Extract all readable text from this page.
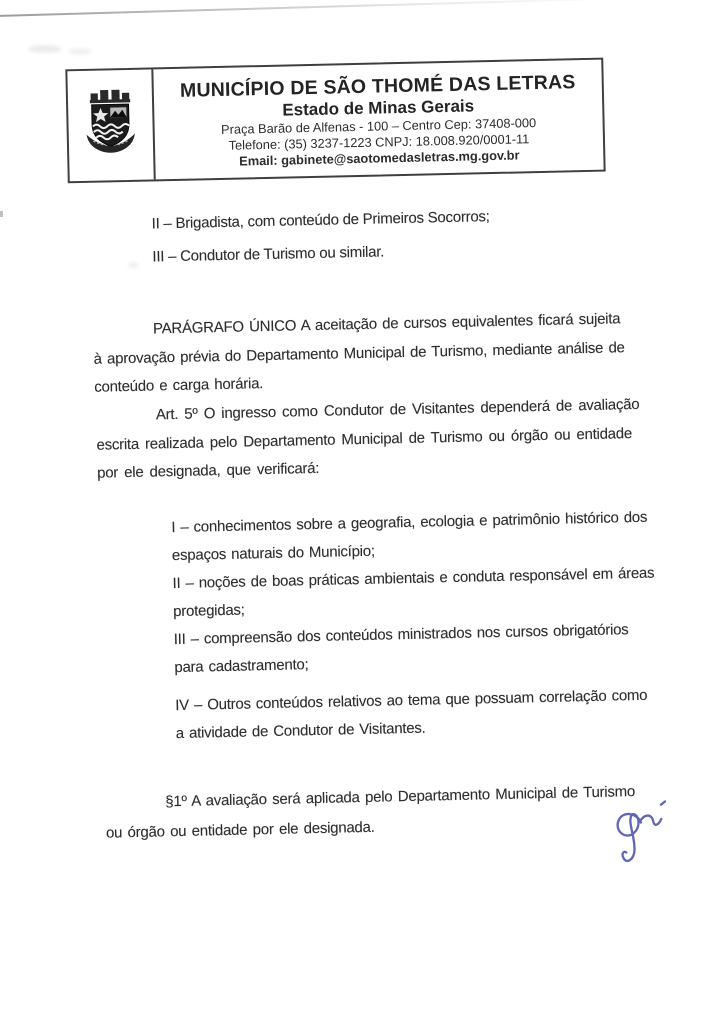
MUNICÍPIO DE SÃO THOMÉ DAS LETRAS
Estado de Minas Gerais
Praça Barão de Alfenas - 100 – Centro Cep: 37408-000
Telefone: (35) 3237-1223 CNPJ: 18.008.920/0001-11
Email: gabinete@saotomedasletras.mg.gov.br
II – Brigadista, com conteúdo de Primeiros Socorros;
III – Condutor de Turismo ou similar.
PARÁGRAFO ÚNICO A aceitação de cursos equivalentes ficará sujeita
à aprovação prévia do Departamento Municipal de Turismo, mediante análise de
conteúdo e carga horária.
Art. 5º O ingresso como Condutor de Visitantes dependerá de avaliação
escrita realizada pelo Departamento Municipal de Turismo ou órgão ou entidade
por ele designada, que verificará:
I – conhecimentos sobre a geografia, ecologia e patrimônio histórico dos
espaços naturais do Município;
II – noções de boas práticas ambientais e conduta responsável em áreas
protegidas;
III – compreensão dos conteúdos ministrados nos cursos obrigatórios
para cadastramento;
IV – Outros conteúdos relativos ao tema que possuam correlação como
a atividade de Condutor de Visitantes.
§1º A avaliação será aplicada pelo Departamento Municipal de Turismo
ou órgão ou entidade por ele designada.
